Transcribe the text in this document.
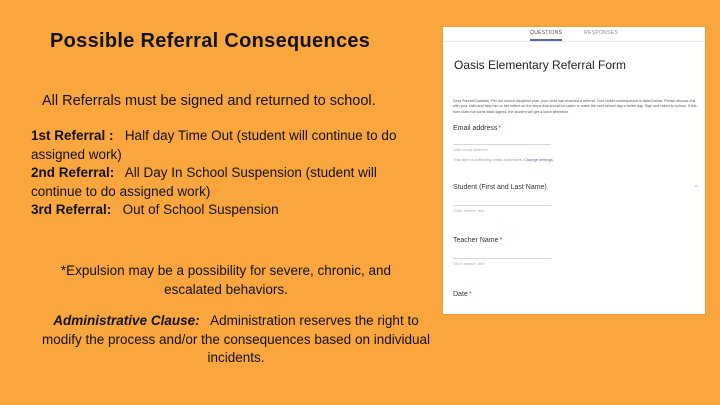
Possible Referral Consequences
All Referrals must be signed and returned to school.

1st Referral : Half day Time Out (student will continue to do assigned work)

2nd Referral: All Day In School Suspension (student will continue to do assigned work)

3rd Referral: Out of School Suspension

*Expulsion may be a possibility for severe, chronic, and escalated behaviors.
Administrative Clause: Administration reserves the right to modify the process and/or the consequences based on individual incidents.
QUESTIONS	RESPONSES
Oasis Elementary Referral Form
Dear Parent/Guardian, Per our school discipline plan, your child has received a referral. Your child's consequence is listed below. Please discuss this with your child and help him or her reflect on the steps that should be taken to make the next school day a better day. Sign and return to school. If this form does not come back signed, the student will get a lunch detention.
Email address*
Valid email address
This form is collecting email addresses. Change settings
Student (First and Last Name)
Short answer text
Teacher Name*
Short answer text
Date*
